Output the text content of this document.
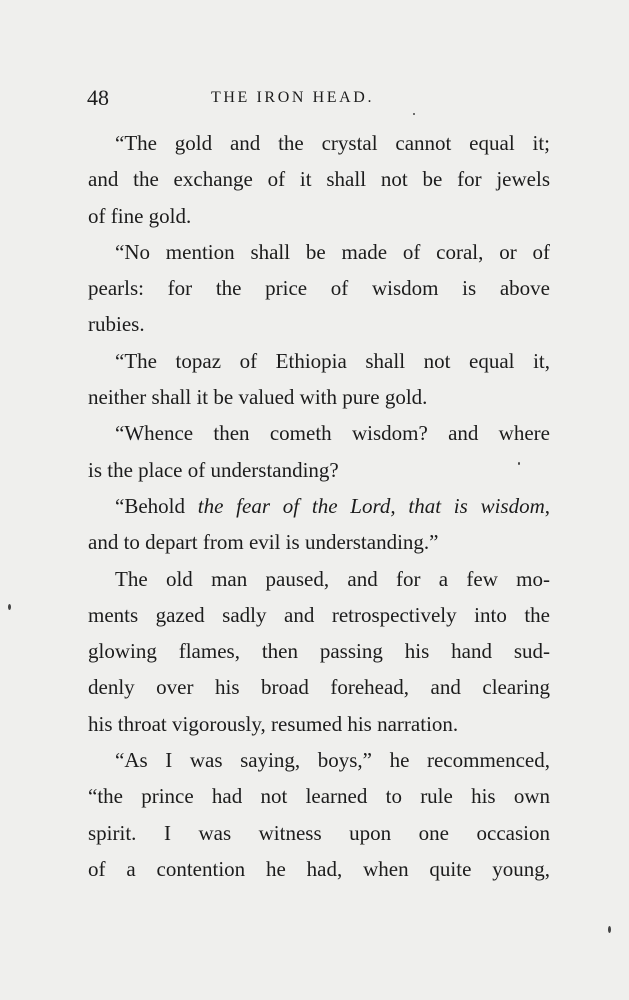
48	THE IRON HEAD.
“The gold and the crystal cannot equal it;
and the exchange of it shall not be for jewels
of fine gold.
“No mention shall be made of coral, or of
pearls: for the price of wisdom is above
rubies.
“The topaz of Ethiopia shall not equal it,
neither shall it be valued with pure gold.
“Whence then cometh wisdom? and where
is the place of understanding?
“Behold the fear of the Lord, that is wisdom,
and to depart from evil is understanding.”
The old man paused, and for a few mo-
ments gazed sadly and retrospectively into the
glowing flames, then passing his hand sud-
denly over his broad forehead, and clearing
his throat vigorously, resumed his narration.
“As I was saying, boys,” he recommenced,
“the prince had not learned to rule his own
spirit. I was witness upon one occasion
of a contention he had, when quite young,
